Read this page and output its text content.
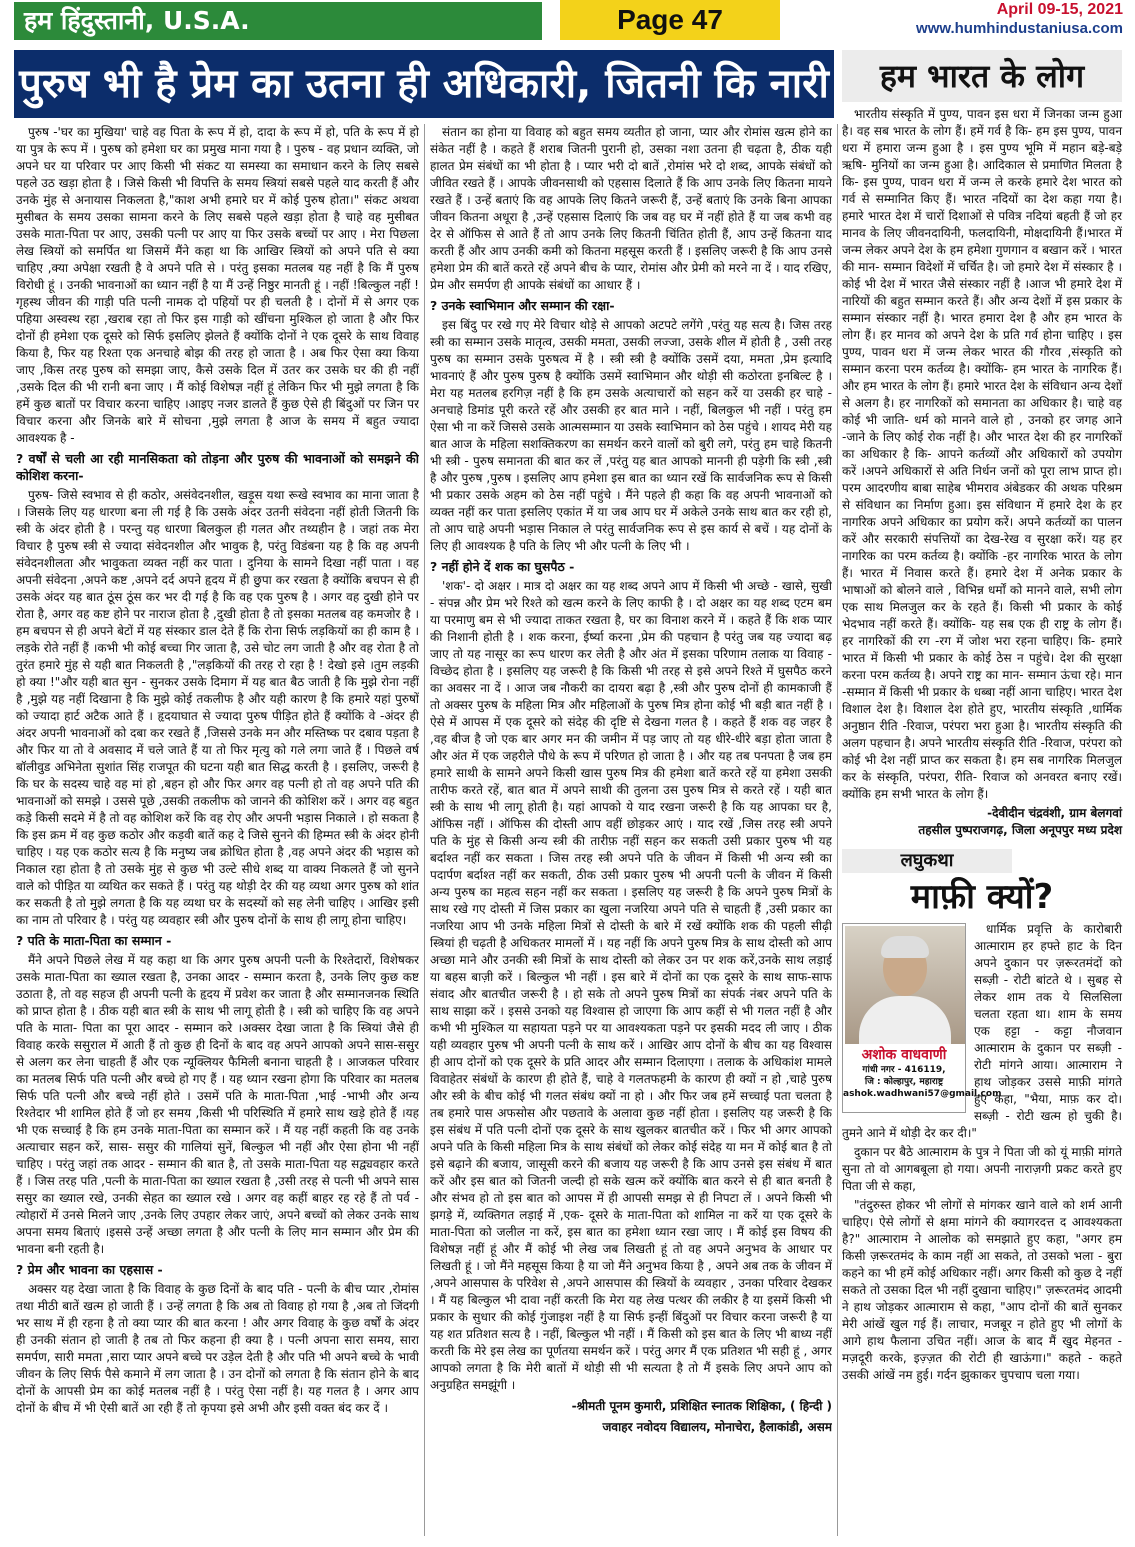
हम हिंदुस्तानी, U.S.A.	Page 47	April 09-15, 2021
www.humhindustaniusa.com
पुरुष भी है प्रेम का उतना ही अधिकारी, जितनी कि नारी

पुरुष -'घर का मुखिया' चाहे वह पिता के रूप में हो, दादा के रूप में हो, पति के रूप में हो या पुत्र के रूप में । पुरुष को हमेशा घर का प्रमुख माना गया है । पुरुष - वह प्रधान व्यक्ति, जो अपने घर या परिवार पर आए किसी भी संकट या समस्या का समाधान करने के लिए सबसे पहले उठ खड़ा होता है । जिसे किसी भी विपत्ति के समय स्त्रियां सबसे पहले याद करती हैं और उनके मुंह से अनायास निकलता है,"काश अभी हमारे घर में कोई पुरुष होता।" संकट अथवा मुसीबत के समय उसका सामना करने के लिए सबसे पहले खड़ा होता है चाहे वह मुसीबत उसके माता-पिता पर आए, उसकी पत्नी पर आए या फिर उसके बच्चों पर आए । मेरा पिछला लेख स्त्रियों को समर्पित था जिसमें मैंने कहा था कि आखिर स्त्रियों को अपने पति से क्या चाहिए ,क्या अपेक्षा रखती है वे अपने पति से । परंतु इसका मतलब यह नहीं है कि मैं पुरुष विरोधी हूं । उनकी भावनाओं का ध्यान नहीं है या मैं उन्हें निष्ठुर मानती हूं । नहीं !बिल्कुल नहीं ! गृहस्थ जीवन की गाड़ी पति पत्नी नामक दो पहियों पर ही चलती है । दोनों में से अगर एक पहिया अस्वस्थ रहा ,खराब रहा तो फिर इस गाड़ी को खींचना मुश्किल हो जाता है और फिर दोनों ही हमेशा एक दूसरे को सिर्फ इसलिए झेलते हैं क्योंकि दोनों ने एक दूसरे के साथ विवाह किया है, फिर यह रिश्ता एक अनचाहे बोझ की तरह हो जाता है । अब फिर ऐसा क्या किया जाए ,किस तरह पुरुष को समझा जाए, कैसे उसके दिल में उतर कर उसके घर की ही नहीं ,उसके दिल की भी रानी बना जाए । मैं कोई विशेषज्ञ नहीं हूं लेकिन फिर भी मुझे लगता है कि हमें कुछ बातों पर विचार करना चाहिए ।आइए नजर डालते हैं कुछ ऐसे ही बिंदुओं पर जिन पर विचार करना और जिनके बारे में सोचना ,मुझे लगता है आज के समय में बहुत ज्यादा आवश्यक है -

? वर्षों से चली आ रही मानसिकता को तोड़ना और पुरुष की भावनाओं को समझने की कोशिश करना-

पुरुष- जिसे स्वभाव से ही कठोर, असंवेदनशील, खड़ूस यथा रूखे स्वभाव का माना जाता है । जिसके लिए यह धारणा बना ली गई है कि उसके अंदर उतनी संवेदना नहीं होती जितनी कि स्त्री के अंदर होती है । परन्तु यह धारणा बिलकुल ही गलत और तथ्यहीन है । जहां तक मेरा विचार है पुरुष स्त्री से ज्यादा संवेदनशील और भावुक है, परंतु विडंबना यह है कि वह अपनी संवेदनशीलता और भावुकता व्यक्त नहीं कर पाता । दुनिया के सामने दिखा नहीं पाता । वह अपनी संवेदना ,अपने कष्ट ,अपने दर्द अपने हृदय में ही छुपा कर रखता है क्योंकि बचपन से ही उसके अंदर यह बात ठूंस ठूंस कर भर दी गई है कि वह एक पुरुष है । अगर वह दुखी होने पर रोता है, अगर वह कष्ट होने पर नाराज होता है ,दुखी होता है तो इसका मतलब वह कमजोर है । हम बचपन से ही अपने बेटों में यह संस्कार डाल देते हैं कि रोना सिर्फ लड़कियों का ही काम है । लड़के रोते नहीं हैं ।कभी भी कोई बच्चा गिर जाता है, उसे चोट लग जाती है और वह रोता है तो तुरंत हमारे मुंह से यही बात निकलती है ,"लड़कियों की तरह रो रहा है ! देखो इसे ।तुम लड़की हो क्या !"और यही बात सुन - सुनकर उसके दिमाग में यह बात बैठ जाती है कि मुझे रोना नहीं है ,मुझे यह नहीं दिखाना है कि मुझे कोई तकलीफ है और यही कारण है कि हमारे यहां पुरुषों को ज्यादा हार्ट अटैक आते हैं । हृदयाघात से ज्यादा पुरुष पीड़ित होते हैं क्योंकि वे -अंदर ही अंदर अपनी भावनाओं को दबा कर रखते हैं ,जिससे उनके मन और मस्तिष्क पर दबाव पड़ता है और फिर या तो वे अवसाद में चले जाते हैं या तो फिर मृत्यु को गले लगा जाते हैं । पिछले वर्ष बॉलीवुड अभिनेता सुशांत सिंह राजपूत की घटना यही बात सिद्ध करती है । इसलिए, जरूरी है कि घर के सदस्य चाहे वह मां हो ,बहन हो और फिर अगर वह पत्नी हो तो वह अपने पति की भावनाओं को समझे । उससे पूछे ,उसकी तकलीफ को जानने की कोशिश करें । अगर वह बहुत कड़े किसी सदमे में है तो वह कोशिश करें कि वह रोए और अपनी भड़ास निकाले । हो सकता है कि इस क्रम में वह कुछ कठोर और कड़वी बातें कह दे जिसे सुनने की हिम्मत स्त्री के अंदर होनी चाहिए । यह एक कठोर सत्य है कि मनुष्य जब क्रोधित होता है ,वह अपने अंदर की भड़ास को निकाल रहा होता है तो उसके मुंह से कुछ भी उल्टे सीधे शब्द या वाक्य निकलते हैं जो सुनने वाले को पीड़ित या व्यथित कर सकते हैं । परंतु यह थोड़ी देर की यह व्यथा अगर पुरुष को शांत कर सकती है तो मुझे लगता है कि यह व्यथा घर के सदस्यों को सह लेनी चाहिए । आखिर इसी का नाम तो परिवार है । परंतु यह व्यवहार स्त्री और पुरुष दोनों के साथ ही लागू होना चाहिए।

? पति के माता-पिता का सम्मान -

मैंने अपने पिछले लेख में यह कहा था कि अगर पुरुष अपनी पत्नी के रिश्तेदारों, विशेषकर उसके माता-पिता का ख्याल रखता है, उनका आदर - सम्मान करता है, उनके लिए कुछ कष्ट उठाता है, तो वह सहज ही अपनी पत्नी के हृदय में प्रवेश कर जाता है और सम्मानजनक स्थिति को प्राप्त होता है । ठीक यही बात स्त्री के साथ भी लागू होती है । स्त्री को चाहिए कि वह अपने पति के माता- पिता का पूरा आदर - सम्मान करे ।अक्सर देखा जाता है कि स्त्रियां जैसे ही विवाह करके ससुराल में आती हैं तो कुछ ही दिनों के बाद वह अपने आपको अपने सास-ससुर से अलग कर लेना चाहती हैं और एक न्यूक्लियर फैमिली बनाना चाहती है । आजकल परिवार का मतलब सिर्फ पति पत्नी और बच्चे हो गए हैं । यह ध्यान रखना होगा कि परिवार का मतलब सिर्फ पति पत्नी और बच्चे नहीं होते । उसमें पति के माता-पिता ,भाई -भाभी और अन्य रिश्तेदार भी शामिल होते हैं जो हर समय ,किसी भी परिस्थिति में हमारे साथ खड़े होते हैं ।यह भी एक सच्चाई है कि हम उनके माता-पिता का सम्मान करें । मैं यह नहीं कहती कि वह उनके अत्याचार सहन करें, सास- ससुर की गालियां सुनें, बिल्कुल भी नहीं और ऐसा होना भी नहीं चाहिए । परंतु जहां तक आदर - सम्मान की बात है, तो उसके माता-पिता यह सद्व्यवहार करते हैं । जिस तरह पति ,पत्नी के माता-पिता का ख्याल रखता है ,उसी तरह से पत्नी भी अपने सास ससुर का ख्याल रखे, उनकी सेहत का ख्याल रखे । अगर वह कहीं बाहर रह रहे हैं तो पर्व - त्योहारों में उनसे मिलने जाए ,उनके लिए उपहार लेकर जाएं, अपने बच्चों को लेकर उनके साथ अपना समय बिताएं ।इससे उन्हें अच्छा लगता है और पत्नी के लिए मान सम्मान और प्रेम की भावना बनी रहती है।

? प्रेम और भावना का एहसास -

अक्सर यह देखा जाता है कि विवाह के कुछ दिनों के बाद पति - पत्नी के बीच प्यार ,रोमांस तथा मीठी बातें खत्म हो जाती हैं । उन्हें लगता है कि अब तो विवाह हो गया है ,अब तो जिंदगी भर साथ में ही रहना है तो क्या प्यार की बात करना ! और अगर विवाह के कुछ वर्षों के अंदर ही उनकी संतान हो जाती है तब तो फिर कहना ही क्या है । पत्नी अपना सारा समय, सारा समर्पण, सारी ममता ,सारा प्यार अपने बच्चे पर उड़ेल देती है और पति भी अपने बच्चे के भावी जीवन के लिए सिर्फ पैसे कमाने में लग जाता है । उन दोनों को लगता है कि संतान होने के बाद दोनों के आपसी प्रेम का कोई मतलब नहीं है । परंतु ऐसा नहीं है। यह गलत है । अगर आप दोनों के बीच में भी ऐसी बातें आ रही हैं तो कृपया इसे अभी और इसी वक्त बंद कर दें ।

संतान का होना या विवाह को बहुत समय व्यतीत हो जाना, प्यार और रोमांस खत्म होने का संकेत नहीं है । कहते हैं शराब जितनी पुरानी हो, उसका नशा उतना ही चढ़ता है, ठीक यही हालत प्रेम संबंधों का भी होता है । प्यार भरी दो बातें ,रोमांस भरे दो शब्द, आपके संबंधों को जीवित रखते हैं । आपके जीवनसाथी को एहसास दिलाते हैं कि आप उनके लिए कितना मायने रखते हैं । उन्हें बताएं कि वह आपके लिए कितने जरूरी हैं, उन्हें बताएं कि उनके बिना आपका जीवन कितना अधूरा है ,उन्हें एहसास दिलाएं कि जब वह घर में नहीं होते हैं या जब कभी वह देर से ऑफिस से आते हैं तो आप उनके लिए कितनी चिंतित होती हैं, आप उन्हें कितना याद करती हैं और आप उनकी कमी को कितना महसूस करती हैं । इसलिए जरूरी है कि आप उनसे हमेशा प्रेम की बातें करते रहें अपने बीच के प्यार, रोमांस और प्रेमी को मरने ना दें । याद रखिए, प्रेम और समर्पण ही आपके संबंधों का आधार हैं ।

? उनके स्वाभिमान और सम्मान की रक्षा-

इस बिंदु पर रखे गए मेरे विचार थोड़े से आपको अटपटे लगेंगे ,परंतु यह सत्य है। जिस तरह स्त्री का सम्मान उसके मातृत्व, उसकी ममता, उसकी लज्जा, उसके शील में होती है , उसी तरह पुरुष का सम्मान उसके पुरुषत्व में है । स्त्री स्त्री है क्योंकि उसमें दया, ममता ,प्रेम इत्यादि भावनाएं हैं और पुरुष पुरुष है क्योंकि उसमें स्वाभिमान और थोड़ी सी कठोरता इनबिल्ट है । मेरा यह मतलब हरगिज़ नहीं है कि हम उसके अत्याचारों को सहन करें या उसकी हर चाहे - अनचाहे डिमांड पूरी करते रहें और उसकी हर बात माने । नहीं, बिलकुल भी नहीं । परंतु हम ऐसा भी ना करें जिससे उसके आत्मसम्मान या उसके स्वाभिमान को ठेस पहुंचे । शायद मेरी यह बात आज के महिला सशक्तिकरण का समर्थन करने वालों को बुरी लगे, परंतु हम चाहे कितनी भी स्त्री - पुरुष समानता की बात कर लें ,परंतु यह बात आपको माननी ही पड़ेगी कि स्त्री ,स्त्री है और पुरुष ,पुरुष । इसलिए आप हमेशा इस बात का ध्यान रखें कि सार्वजनिक रूप से किसी भी प्रकार उसके अहम को ठेस नहीं पहुंचे । मैंने पहले ही कहा कि वह अपनी भावनाओं को व्यक्त नहीं कर पाता इसलिए एकांत में या जब आप घर में अकेले उनके साथ बात कर रही हो, तो आप चाहे अपनी भड़ास निकाल ले परंतु सार्वजनिक रूप से इस कार्य से बचें । यह दोनों के लिए ही आवश्यक है पति के लिए भी और पत्नी के लिए भी ।

? नहीं होने दें शक का घुसपैठ -

'शक'- दो अक्षर । मात्र दो अक्षर का यह शब्द अपने आप में किसी भी अच्छे - खासे, सुखी - संपन्न और प्रेम भरे रिश्ते को खत्म करने के लिए काफी है । दो अक्षर का यह शब्द एटम बम या परमाणु बम से भी ज्यादा ताकत रखता है, घर का विनाश करने में । कहते हैं कि शक प्यार की निशानी होती है । शक करना, ईर्ष्या करना ,प्रेम की पहचान है परंतु जब यह ज्यादा बढ़ जाए तो यह नासूर का रूप धारण कर लेती है और अंत में इसका परिणाम तलाक या विवाह - विच्छेद होता है । इसलिए यह जरूरी है कि किसी भी तरह से इसे अपने रिश्ते में घुसपैठ करने का अवसर ना दें । आज जब नौकरी का दायरा बढ़ा है ,स्त्री और पुरुष दोनों ही कामकाजी हैं तो अक्सर पुरुष के महिला मित्र और महिलाओं के पुरुष मित्र होना कोई भी बड़ी बात नहीं है । ऐसे में आपस में एक दूसरे को संदेह की दृष्टि से देखना गलत है । कहते हैं शक वह जहर है ,वह बीज है जो एक बार अगर मन की जमीन में पड़ जाए तो यह धीरे-धीरे बड़ा होता जाता है और अंत में एक जहरीले पौधे के रूप में परिणत हो जाता है । और यह तब पनपता है जब हम हमारे साथी के सामने अपने किसी खास पुरुष मित्र की हमेशा बातें करते रहें या हमेशा उसकी तारीफ करते रहें, बात बात में अपने साथी की तुलना उस पुरुष मित्र से करते रहें । यही बात स्त्री के साथ भी लागू होती है। यहां आपको ये याद रखना जरूरी है कि यह आपका घर है, ऑफिस नहीं । ऑफिस की दोस्ती आप वहीं छोड़कर आएं । याद रखें ,जिस तरह स्त्री अपने पति के मुंह से किसी अन्य स्त्री की तारीफ़ नहीं सहन कर सकती उसी प्रकार पुरुष भी यह बर्दाश्त नहीं कर सकता । जिस तरह स्त्री अपने पति के जीवन में किसी भी अन्य स्त्री का पदार्पण बर्दाश्त नहीं कर सकती, ठीक उसी प्रकार पुरुष भी अपनी पत्नी के जीवन में किसी अन्य पुरुष का महत्व सहन नहीं कर सकता । इसलिए यह जरूरी है कि अपने पुरुष मित्रों के साथ रखे गए दोस्ती में जिस प्रकार का खुला नजरिया अपने पति से चाहती हैं ,उसी प्रकार का नजरिया आप भी उनके महिला मित्रों से दोस्ती के बारे में रखें क्योंकि शक की पहली सीढ़ी स्त्रियां ही चढ़ती है अधिकतर मामलों में । यह नहीं कि अपने पुरुष मित्र के साथ दोस्ती को आप अच्छा माने और उनकी स्त्री मित्रों के साथ दोस्ती को लेकर उन पर शक करें,उनके साथ लड़ाई या बहस बाज़ी करें । बिल्कुल भी नहीं । इस बारे में दोनों का एक दूसरे के साथ साफ-साफ संवाद और बातचीत जरूरी है । हो सके तो अपने पुरुष मित्रों का संपर्क नंबर अपने पति के साथ साझा करें । इससे उनको यह विश्वास हो जाएगा कि आप कहीं से भी गलत नहीं है और कभी भी मुश्किल या सहायता पड़ने पर या आवश्यकता पड़ने पर इसकी मदद ली जाए । ठीक यही व्यवहार पुरुष भी अपनी पत्नी के साथ करें । आखिर आप दोनों के बीच का यह विश्वास ही आप दोनों को एक दूसरे के प्रति आदर और सम्मान दिलाएगा । तलाक के अधिकांश मामले विवाहेतर संबंधों के कारण ही होते हैं, चाहे वे गलतफहमी के कारण ही क्यों न हो ,चाहे पुरुष और स्त्री के बीच कोई भी गलत संबंध क्यों ना हो । और फिर जब हमें सच्चाई पता चलता है तब हमारे पास अफसोस और पछतावे के अलावा कुछ नहीं होता । इसलिए यह जरूरी है कि इस संबंध में पति पत्नी दोनों एक दूसरे के साथ खुलकर बातचीत करें । फिर भी अगर आपको अपने पति के किसी महिला मित्र के साथ संबंधों को लेकर कोई संदेह या मन में कोई बात है तो इसे बढ़ाने की बजाय, जासूसी करने की बजाय यह जरूरी है कि आप उनसे इस संबंध में बात करें और इस बात को जितनी जल्दी हो सके खत्म करें क्योंकि बात करने से ही बात बनती है और संभव हो तो इस बात को आपस में ही आपसी समझ से ही निपटा लें । अपने किसी भी झगड़े में, व्यक्तिगत लड़ाई में ,एक- दूसरे के माता-पिता को शामिल ना करें या एक दूसरे के माता-पिता को जलील ना करें, इस बात का हमेशा ध्यान रखा जाए । मैं कोई इस विषय की विशेषज्ञ नहीं हूं और मैं कोई भी लेख जब लिखती हूं तो वह अपने अनुभव के आधार पर लिखती हूं । जो मैंने महसूस किया है या जो मैंने अनुभव किया है , अपने अब तक के जीवन में ,अपने आसपास के परिवेश से ,अपने आसपास की स्त्रियों के व्यवहार , उनका परिवार देखकर । मैं यह बिल्कुल भी दावा नहीं करती कि मेरा यह लेख पत्थर की लकीर है या इसमें किसी भी प्रकार के सुधार की कोई गुंजाइश नहीं है या सिर्फ इन्हीं बिंदुओं पर विचार करना जरूरी है या यह शत प्रतिशत सत्य है । नहीं, बिल्कुल भी नहीं । मैं किसी को इस बात के लिए भी बाध्य नहीं करती कि मेरे इस लेख का पूर्णतया समर्थन करें । परंतु अगर मैं एक प्रतिशत भी सही हूं , अगर आपको लगता है कि मेरी बातों में थोड़ी सी भी सत्यता है तो मैं इसके लिए अपने आप को अनुग्रहित समझूंगी ।

-श्रीमती पूनम कुमारी, प्रशिक्षित स्नातक शिक्षिका, ( हिन्दी )
जवाहर नवोदय विद्यालय, मोनाचेरा, हैलाकांडी, असम
हम भारत के लोग

भारतीय संस्कृति में पुण्य, पावन इस धरा में जिनका जन्म हुआ है। वह सब भारत के लोग हैं। हमें गर्व है कि- हम इस पुण्य, पावन धरा में हमारा जन्म हुआ है । इस पुण्य भूमि में महान बड़े-बड़े ऋषि- मुनियों का जन्म हुआ है। आदिकाल से प्रमाणित मिलता है कि- इस पुण्य, पावन धरा में जन्म ले करके हमारे देश भारत को गर्व से सम्मानित किए हैं। भारत नदियों का देश कहा गया है। हमारे भारत देश में चारों दिशाओं से पवित्र नदियां बहती हैं जो हर मानव के लिए जीवनदायिनी, फलदायिनी, मोक्षदायिनी हैं।भारत में जन्म लेकर अपने देश के हम हमेशा गुणगान व बखान करें । भारत की मान- सम्मान विदेशों में चर्चित है। जो हमारे देश में संस्कार है । कोई भी देश में भारत जैसे संस्कार नहीं है ।आज भी हमारे देश में नारियों की बहुत सम्मान करते हैं। और अन्य देशों में इस प्रकार के सम्मान संस्कार नहीं है। भारत हमारा देश है और हम भारत के लोग हैं। हर मानव को अपने देश के प्रति गर्व होना चाहिए । इस पुण्य, पावन धरा में जन्म लेकर भारत की गौरव ,संस्कृति को सम्मान करना परम कर्तव्य है। क्योंकि- हम भारत के नागरिक हैं। और हम भारत के लोग हैं। हमारे भारत देश के संविधान अन्य देशों से अलग है। हर नागरिकों को समानता का अधिकार है। चाहे वह कोई भी जाति- धर्म को मानने वाले हो , उनको हर जगह आने -जाने के लिए कोई रोक नहीं है। और भारत देश की हर नागरिकों का अधिकार है कि- आपने कर्तव्यों और अधिकारों को उपयोग करें ।अपने अधिकारों से अति निर्धन जनों को पूरा लाभ प्राप्त हो। परम आदरणीय बाबा साहेब भीमराव अंबेडकर की अथक परिश्रम से संविधान का निर्माण हुआ। इस संविधान में हमारे देश के हर नागरिक अपने अधिकार का प्रयोग करें। अपने कर्तव्यों का पालन करें और सरकारी संपत्तियों का देख-रेख व सुरक्षा करें। यह हर नागरिक का परम कर्तव्य है। क्योंकि -हर नागरिक भारत के लोग हैं। भारत में निवास करते हैं। हमारे देश में अनेक प्रकार के भाषाओं को बोलने वाले , विभिन्न धर्मों को मानने वाले, सभी लोग एक साथ मिलजुल कर के रहते हैं। किसी भी प्रकार के कोई भेदभाव नहीं करते हैं। क्योंकि- यह सब एक ही राष्ट्र के लोग हैं। हर नागरिकों की रग -रग में जोश भरा रहना चाहिए। कि- हमारे भारत में किसी भी प्रकार के कोई ठेस न पहुंचे। देश की सुरक्षा करना परम कर्तव्य है। अपने राष्ट्र का मान- सम्मान ऊंचा रहे। मान -सम्मान में किसी भी प्रकार के धब्बा नहीं आना चाहिए। भारत देश विशाल देश है। विशाल देश होते हुए, भारतीय संस्कृति ,धार्मिक अनुष्ठान रीति -रिवाज, परंपरा भरा हुआ है। भारतीय संस्कृति की अलग पहचान है। अपने भारतीय संस्कृति रीति -रिवाज, परंपरा को कोई भी देश नहीं प्राप्त कर सकता है। हम सब नागरिक मिलजुल कर के संस्कृति, परंपरा, रीति- रिवाज को अनवरत बनाए रखें। क्योंकि हम सभी भारत के लोग हैं।

-देवीदीन चंद्रवंशी, ग्राम बेलगवां
तहसील पुष्पराजगढ़, जिला अनूपपुर मध्य प्रदेश
लघुकथा
माफ़ी क्यों?
अशोक वाधवाणी
गांधी नगर - 416119,
जि : कोल्हापुर, महाराष्ट्र
ashok.wadhwani57@gmail.com

धार्मिक प्रवृत्ति के कारोबारी आत्माराम हर हफ्ते हाट के दिन अपने दुकान पर ज़रूरतमंदों को सब्ज़ी - रोटी बांटते थे । सुबह से लेकर शाम तक ये सिलसिला चलता रहता था। शाम के समय एक हट्टा - कट्टा नौजवान आत्माराम के दुकान पर सब्ज़ी - रोटी मांगने आया। आत्माराम ने हाथ जोड़कर उससे माफ़ी मांगते हुए कहा, "भैया, माफ़ कर दो। सब्ज़ी - रोटी खत्म हो चुकी है। तुमने आने में थोड़ी देर कर दी।"

दुकान पर बैठे आत्माराम के पुत्र ने पिता जी को यूं माफ़ी मांगते सुना तो वो आगबबूला हो गया। अपनी नाराज़गी प्रकट करते हुए पिता जी से कहा,

"तंदुरुस्त होकर भी लोगों से मांगकर खाने वाले को शर्म आनी चाहिए। ऐसे लोगों से क्षमा मांगने की क्यागरदत्त द आवश्यकता है?" आत्माराम ने आलोक को समझाते हुए कहा, "अगर हम किसी ज़रूरतमंद के काम नहीं आ सकते, तो उसको भला - बुरा कहने का भी हमें कोई अधिकार नहीं। अगर किसी को कुछ दे नहीं सकते तो उसका दिल भी नहीं दुखाना चाहिए।" ज़रूरतमंद आदमी ने हाथ जोड़कर आत्माराम से कहा, "आप दोनों की बातें सुनकर मेरी आंखें खुल गई हैं। लाचार, मजबूर न होते हुए भी लोगों के आगे हाथ फैलाना उचित नहीं। आज के बाद मैं खुद मेहनत - मज़दूरी करके, इज़्ज़त की रोटी ही खाऊंगा।" कहते - कहते उसकी आंखें नम हुई। गर्दन झुकाकर चुपचाप चला गया।
